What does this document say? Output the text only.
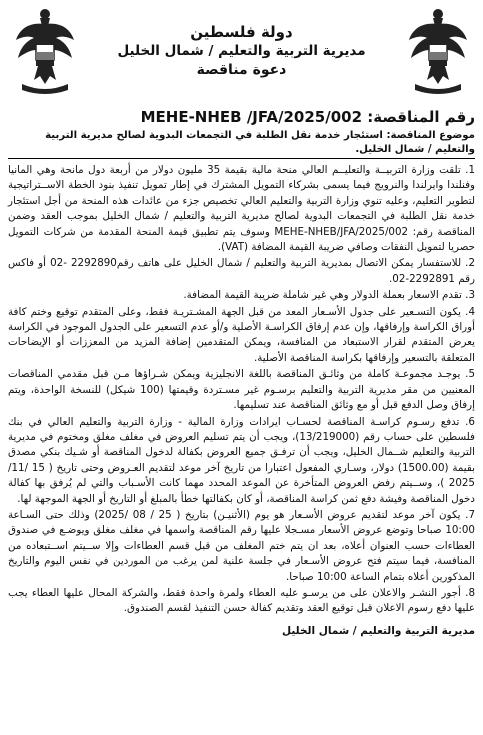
دولة فلسطين
مديرية التربية والتعليم / شمال الخليل
دعوة مناقصة
رقم المناقصة: MEHE-NHEB /JFA/2025/002
موضوع المناقصة: استئجار خدمة نقل الطلبة في التجمعات البدوية لصالح مديرية التربية والتعليم / شمال الخليل.
1. تلقت وزارة التربيــة والتعليــم العالي منحة مالية بقيمة 35 مليون دولار من أربعة دول مانحة وهي المانيا وفنلندا وايرلندا والنرويج فيما يسمى بشركاء التمويل المشترك في إطار تمويل تنفيذ بنود الخطة الاســتراتيجية لتطوير التعليم، وعليه تنوي وزارة التربية والتعليم العالي تخصيص جزء من عائدات هذه المنحة من أجل استئجار خدمة نقل الطلبة في التجمعات البدوية لصالح مديرية التربية والتعليم / شمال الخليل بموجب العقد وضمن المناقصة رقم: MEHE-NHEB/JFA/2025/002 وسوف يتم تطبيق قيمة المنحة المقدمة من شركات التمويل حصريا لتمويل النفقات وصافي ضريبة القيمة المضافة (VAT).
2. للاستفسار يمكن الاتصال بمديرية التربية والتعليم / شمال الخليل على هاتف رقم2292890 -02 أو فاكس رقم 2292891-02.
3. تقدم الاسعار بعملة الدولار وهي غير شاملة ضريبة القيمة المضافة.
4. يكون التسـعير على جدول الأسـعار المعد من قبل الجهة المشـتريـة فقط، وعلى المتقدم توقيع وختم كافة أوراق الكراسة وإرفاقها، وإن عدم إرفاق الكراسـة الأصلية و/أو عدم التسعير على الجدول الموجود في الكراسة يعرض المتقدم لقرار الاستبعاد من المنافسة، ويمكن المتقدمين إضافة المزيد من المعززات أو الإيضاحات المتعلقة بالتسعير وإرفاقها بكراسة المناقصة الأصلية.
5. يوجـد مجموعـة كاملة من وثائـق المناقصة باللغة الانجليزية ويمكن شـراؤها مـن قبل مقدمي المناقصات المعنيين من مقر مديرية التربية والتعليم برسـوم غير مسـتردة وقيمتها (100 شيكل) للنسخة الواحدة، ويتم إرفاق وصل الدفع قبل أو مع وثائق المناقصة عند تسليمها.
6. تدفع رسـوم كراسـة المناقصة لحسـاب ايرادات وزارة المالية - وزارة التربية والتعليم العالي في بنك فلسطين على حساب رقم (13/219000)، ويجب أن يتم تسليم العروض في مغلف مغلق ومختوم في مديرية التربية والتعليم شــمال الخليل، ويجب أن ترفـق جميع العروض بكفالة لدخول المناقصة أو شـيك بنكي مصدق بقيمة (1500.00) دولار، وسـاري المفعول اعتبارا من تاريخ آخر موعد لتقديم العـروض وحتى تاريخ ( 15 /11/ 2025 )، وســيتم رفض العروض المتأخرة عن الموعد المحدد مهما كانت الأسـباب والتي لم يُرفق بها كفالة دخول المناقصة وفيشة دفع ثمن كراسة المناقصة، أو كان بكفالتها خطأ بالمبلغ أو التاريخ أو الجهة الموجهة لها.
7. يكون آخر موعد لتقديم عروض الأسـعار هو يوم (الأثنيـن) بتاريخ ( 25 / 08 /2025) وذلك حتى السـاعة 10:00 صباحا وتوضع عروض الأسعار مسـجلا عليها رقم المناقصة واسمها في مغلف مغلق ويوضـع في صندوق العطاءات حسب العنوان أعلاه، بعد ان يتم ختم المغلف من قبل قسم العطاءات وإلا ســيتم اســتبعاده من المنافسة، فيما سيتم فتح عروض الأسـعار في جلسة علنية لمن يرغب من الموردين في نفس اليوم والتاريخ المذكورين أعلاه بتمام الساعة 10:00 صباحا.
8. أجور النشـر والاعلان على من يرسـو عليه العطاء ولمرة واحدة فقط، والشركة المحال عليها العطاء يجب عليها دفع رسوم الاعلان قبل توقيع العقد وتقديم كفالة حسن التنفيذ لقسم الصندوق.
مديرية التربية والتعليم / شمال الخليل
